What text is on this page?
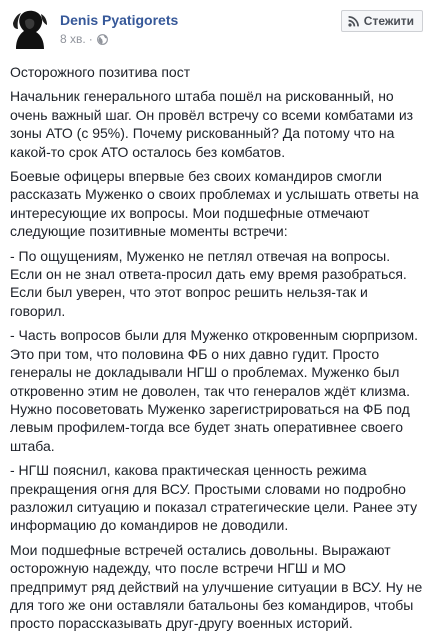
Denis Pyatigorets
8 хв. ·
Стежити

Осторожного позитива пост

Начальник генерального штаба пошёл на рискованный, но очень важный шаг. Он провёл встречу со всеми комбатами из зоны АТО (с 95%). Почему рискованный? Да потому что на какой-то срок АТО осталось без комбатов.

Боевые офицеры впервые без своих командиров смогли рассказать Муженко о своих проблемах и услышать ответы на интересующие их вопросы. Мои подшефные отмечают следующие позитивные моменты встречи:

- По ощущениям, Муженко не петлял отвечая на вопросы. Если он не знал ответа-просил дать ему время разобраться. Если был уверен, что этот вопрос решить нельзя-так и говорил.

- Часть вопросов были для Муженко откровенным сюрпризом. Это при том, что половина ФБ о них давно гудит. Просто генералы не докладывали НГШ о проблемах. Муженко был откровенно этим не доволен, так что генералов ждёт клизма. Нужно посоветовать Муженко зарегистрироваться на ФБ под левым профилем-тогда все будет знать оперативнее своего штаба.

- НГШ пояснил, какова практическая ценность режима прекращения огня для ВСУ. Простыми словами но подробно разложил ситуацию и показал стратегические цели. Ранее эту информацию до командиров не доводили.

Мои подшефные встречей остались довольны. Выражают осторожную надежду, что после встречи НГШ и МО предпримут ряд действий на улучшение ситуации в ВСУ. Ну не для того же они оставляли батальоны без командиров, чтобы просто порассказывать друг-другу военных историй.
